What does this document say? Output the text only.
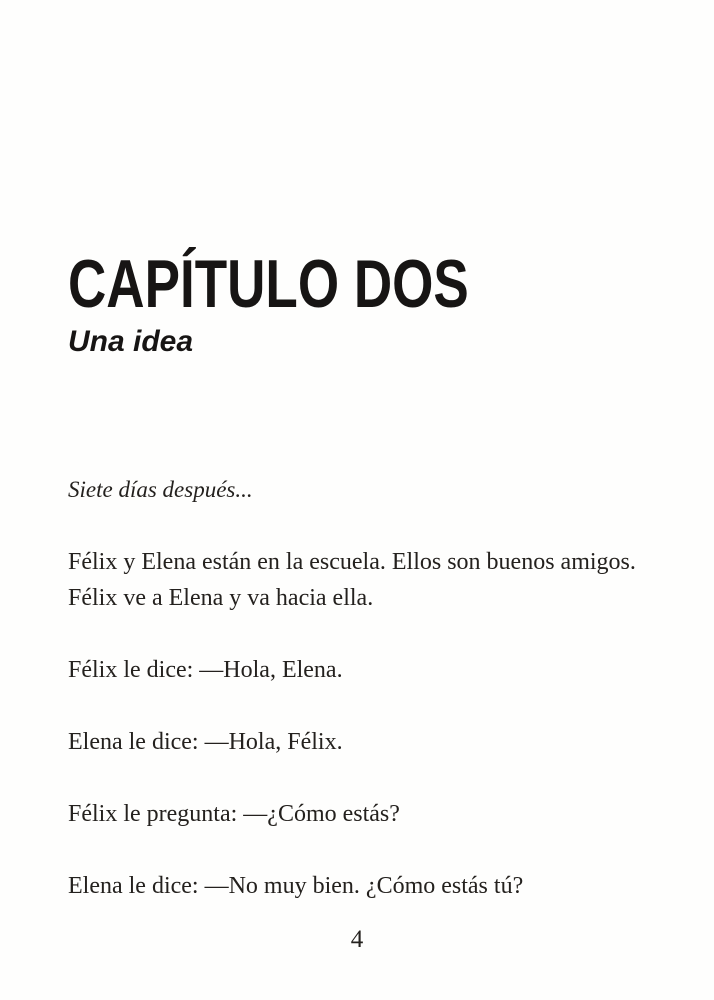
CAPÍTULO DOS
Una idea

Siete días después...

Félix y Elena están en la escuela. Ellos son buenos amigos. Félix ve a Elena y va hacia ella.

Félix le dice: —Hola, Elena.

Elena le dice: —Hola, Félix.

Félix le pregunta: —¿Cómo estás?

Elena le dice: —No muy bien. ¿Cómo estás tú?

4
